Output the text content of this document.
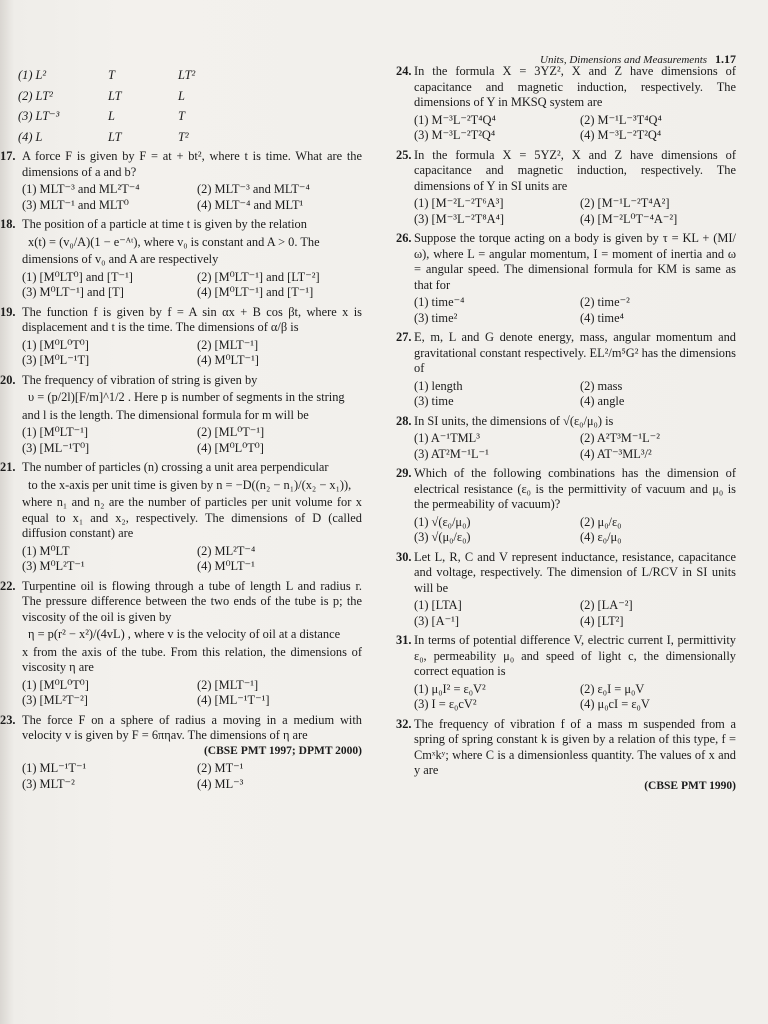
Units, Dimensions and Measurements 1.17
(1) L²	T	LT²
(2) LT²	LT	L
(3) LT⁻³	L	T
(4) L	LT	T²
17. A force F is given by F = at + bt², where t is time. What are the dimensions of a and b?
(1) MLT⁻³ and ML²T⁻⁴	(2) MLT⁻³ and MLT⁻⁴
(3) MLT⁻¹ and MLT⁰	(4) MLT⁻⁴ and MLT¹
18. The position of a particle at time t is given by the relation
x(t) = (v₀/A)(1 − e⁻ᴬᵗ), where v₀ is constant and A > 0. The
dimensions of v₀ and A are respectively
(1) [M⁰LT⁰] and [T⁻¹]	(2) [M⁰LT⁻¹] and [LT⁻²]
(3) M⁰LT⁻¹] and [T]	(4) [M⁰LT⁻¹] and [T⁻¹]
19. The function f is given by f = A sin αx + B cos βt, where x is displacement and t is the time. The dimensions of α/β is
(1) [M⁰L⁰T⁰]	(2) [MLT⁻¹]
(3) [M⁰L⁻¹T]	(4) M⁰LT⁻¹]
20. The frequency of vibration of string is given by
υ = (p/2l)[F/m]^1/2 . Here p is number of segments in the string
and l is the length. The dimensional formula for m will be
(1) [M⁰LT⁻¹]	(2) [ML⁰T⁻¹]
(3) [ML⁻¹T⁰]	(4) [M⁰L⁰T⁰]
21. The number of particles (n) crossing a unit area perpendicular
to the x-axis per unit time is given by n = −D((n₂ − n₁)/(x₂ − x₁)),
where n₁ and n₂ are the number of particles per unit volume for x equal to x₁ and x₂, respectively. The dimensions of D (called diffusion constant) are
(1) M⁰LT	(2) ML²T⁻⁴
(3) M⁰L²T⁻¹	(4) M⁰LT⁻¹
22. Turpentine oil is flowing through a tube of length L and radius r. The pressure difference between the two ends of the tube is p; the viscosity of the oil is given by
η = p(r² − x²)/(4vL) , where v is the velocity of oil at a distance
x from the axis of the tube. From this relation, the dimensions of viscosity η are
(1) [M⁰L⁰T⁰]	(2) [MLT⁻¹]
(3) [ML²T⁻²]	(4) [ML⁻¹T⁻¹]
23. The force F on a sphere of radius a moving in a medium with velocity v is given by F = 6πηav. The dimensions of η are
(CBSE PMT 1997; DPMT 2000)
(1) ML⁻¹T⁻¹	(2) MT⁻¹
(3) MLT⁻²	(4) ML⁻³
24. In the formula X = 3YZ², X and Z have dimensions of capacitance and magnetic induction, respectively. The dimensions of Y in MKSQ system are
(1) M⁻³L⁻²T⁴Q⁴	(2) M⁻¹L⁻³T⁴Q⁴
(3) M⁻³L⁻²T²Q⁴	(4) M⁻³L⁻²T²Q⁴
25. In the formula X = 5YZ², X and Z have dimensions of capacitance and magnetic induction, respectively. The dimensions of Y in SI units are
(1) [M⁻²L⁻²T⁶A³]	(2) [M⁻¹L⁻²T⁴A²]
(3) [M⁻³L⁻²T⁸A⁴]	(4) [M⁻²L⁰T⁻⁴A⁻²]
26. Suppose the torque acting on a body is given by τ = KL + (MI/ω), where L = angular momentum, I = moment of inertia and ω = angular speed. The dimensional formula for KM is same as that for
(1) time⁻⁴	(2) time⁻²
(3) time²	(4) time⁴
27. E, m, L and G denote energy, mass, angular momentum and gravitational constant respectively. EL²/m⁵G² has the dimensions of
(1) length	(2) mass
(3) time	(4) angle
28. In SI units, the dimensions of √(ε₀/μ₀) is
(1) A⁻¹TML³	(2) A²T³M⁻¹L⁻²
(3) AT²M⁻¹L⁻¹	(4) AT⁻³ML³/²
29. Which of the following combinations has the dimension of electrical resistance (ε₀ is the permittivity of vacuum and μ₀ is the permeability of vacuum)?
(1) √(ε₀/μ₀)	(2) μ₀/ε₀
(3) √(μ₀/ε₀)	(4) ε₀/μ₀
30. Let L, R, C and V represent inductance, resistance, capacitance and voltage, respectively. The dimension of L/RCV in SI units will be
(1) [LTA]	(2) [LA⁻²]
(3) [A⁻¹]	(4) [LT²]
31. In terms of potential difference V, electric current I, permittivity ε₀, permeability μ₀ and speed of light c, the dimensionally correct equation is
(1) μ₀I² = ε₀V²	(2) ε₀I = μ₀V
(3) I = ε₀cV²	(4) μ₀cI = ε₀V
32. The frequency of vibration f of a mass m suspended from a spring of spring constant k is given by a relation of this type, f = Cmˣkʸ; where C is a dimensionless quantity. The values of x and y are
(CBSE PMT 1990)
